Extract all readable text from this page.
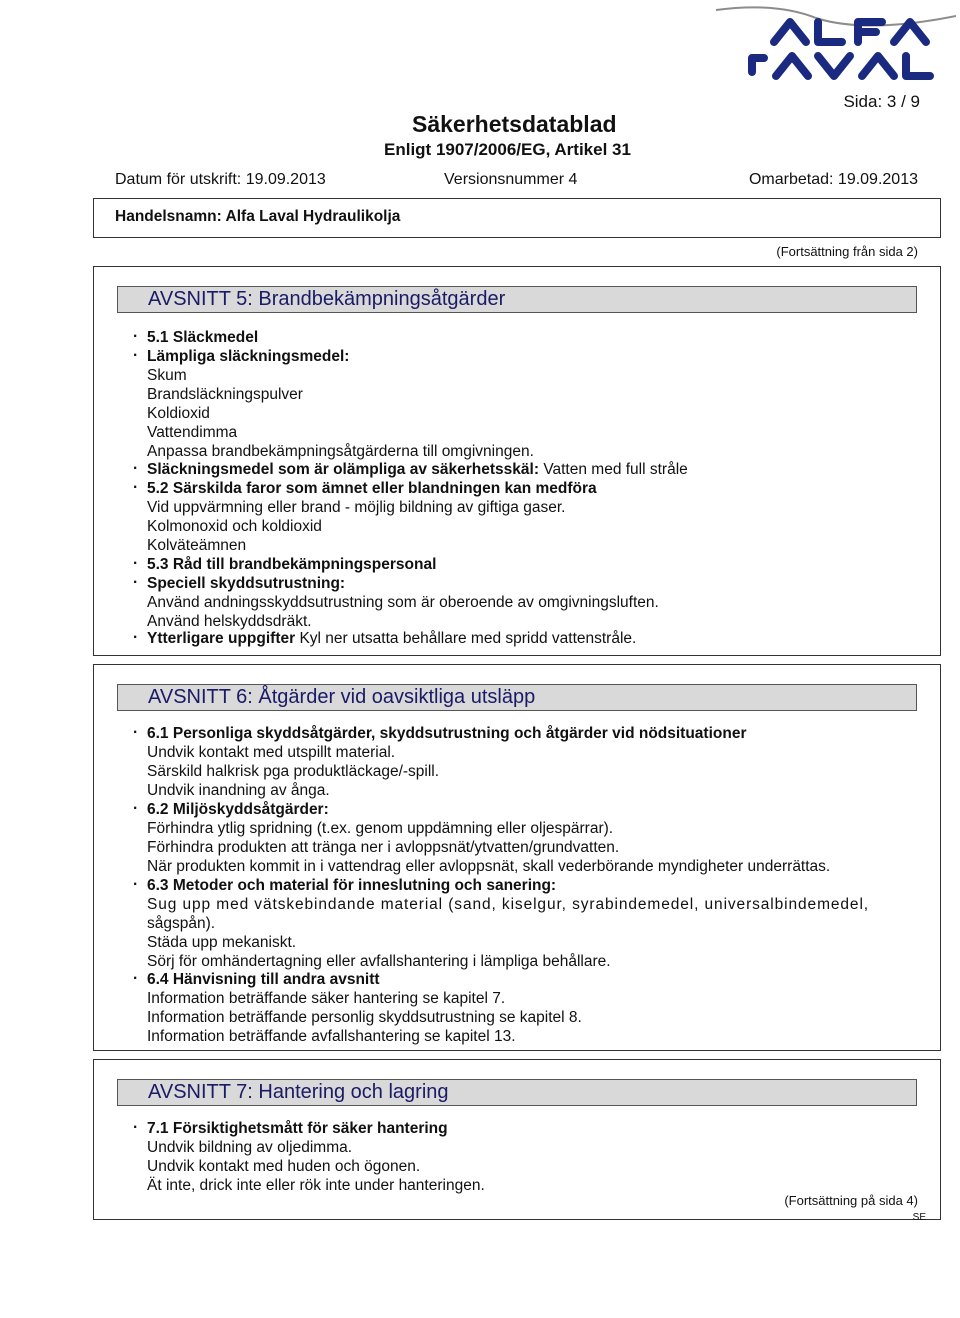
Sida: 3 / 9
Säkerhetsdatablad
Enligt 1907/2006/EG, Artikel 31
Datum för utskrift: 19.09.2013	Versionsnummer 4	Omarbetad: 19.09.2013
Handelsnamn: Alfa Laval Hydraulikolja
(Fortsättning från sida 2)
AVSNITT 5: Brandbekämpningsåtgärder
· 5.1 Släckmedel
· Lämpliga släckningsmedel:
Skum
Brandsläckningspulver
Koldioxid
Vattendimma
Anpassa brandbekämpningsåtgärderna till omgivningen.
· Släckningsmedel som är olämpliga av säkerhetsskäl: Vatten med full stråle
· 5.2 Särskilda faror som ämnet eller blandningen kan medföra
Vid uppvärmning eller brand - möjlig bildning av giftiga gaser.
Kolmonoxid och koldioxid
Kolväteämnen
· 5.3 Råd till brandbekämpningspersonal
· Speciell skyddsutrustning:
Använd andningsskyddsutrustning som är oberoende av omgivningsluften.
Använd helskyddsdräkt.
· Ytterligare uppgifter Kyl ner utsatta behållare med spridd vattenstråle.
AVSNITT 6: Åtgärder vid oavsiktliga utsläpp
· 6.1 Personliga skyddsåtgärder, skyddsutrustning och åtgärder vid nödsituationer
Undvik kontakt med utspillt material.
Särskild halkrisk pga produktläckage/-spill.
Undvik inandning av ånga.
· 6.2 Miljöskyddsåtgärder:
Förhindra ytlig spridning (t.ex. genom uppdämning eller oljespärrar).
Förhindra produkten att tränga ner i avloppsnät/ytvatten/grundvatten.
När produkten kommit in i vattendrag eller avloppsnät, skall vederbörande myndigheter underrättas.
· 6.3 Metoder och material för inneslutning och sanering:
Sug upp med vätskebindande material (sand, kiselgur, syrabindemedel, universalbindemedel,
sågspån).
Städa upp mekaniskt.
Sörj för omhändertagning eller avfallshantering i lämpliga behållare.
· 6.4 Hänvisning till andra avsnitt
Information beträffande säker hantering se kapitel 7.
Information beträffande personlig skyddsutrustning se kapitel 8.
Information beträffande avfallshantering se kapitel 13.
AVSNITT 7: Hantering och lagring
· 7.1 Försiktighetsmått för säker hantering
Undvik bildning av oljedimma.
Undvik kontakt med huden och ögonen.
Ät inte, drick inte eller rök inte under hanteringen.
(Fortsättning på sida 4)
SE
